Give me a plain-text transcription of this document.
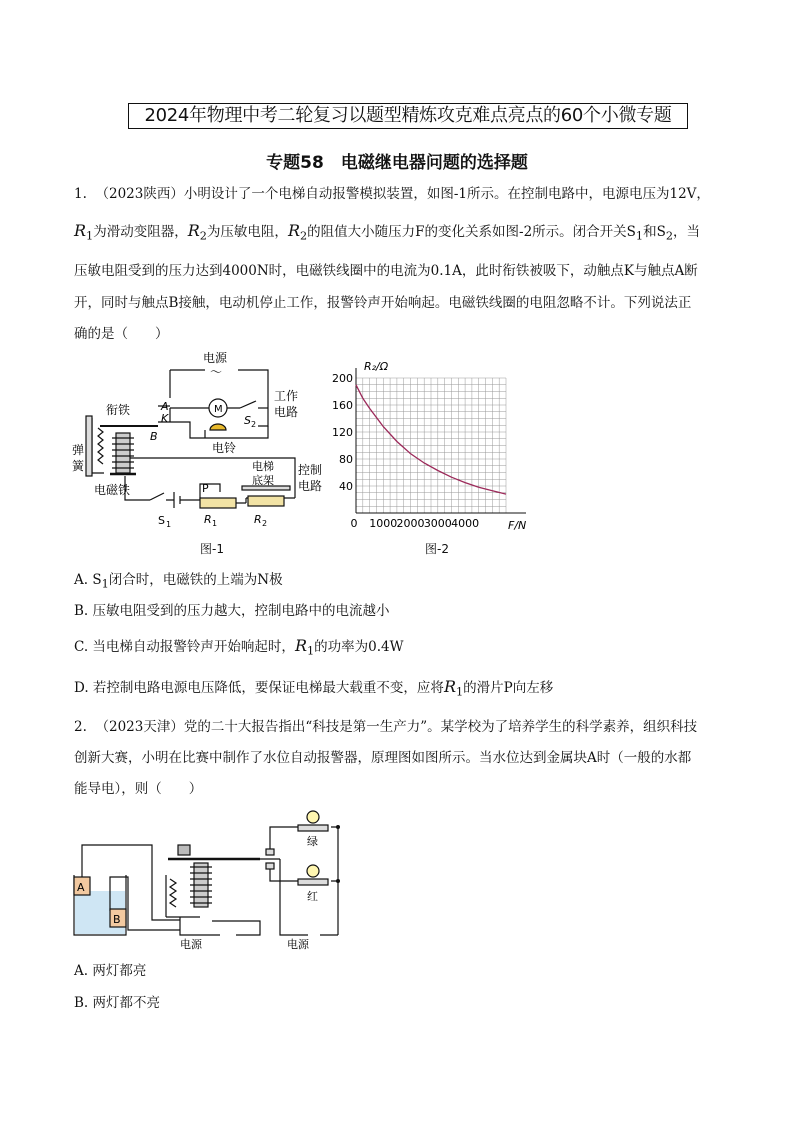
2024年物理中考二轮复习以题型精炼攻克难点亮点的60个小微专题
专题58　电磁继电器问题的选择题
1. （2023陕西）小明设计了一个电梯自动报警模拟装置，如图-1所示。在控制电路中，电源电压为12V，
$R_1$为滑动变阻器，$R_2$为压敏电阻，$R_2$的阻值大小随压力F的变化关系如图-2所示。闭合开关$S_1$和$S_2$，当
压敏电阻受到的压力达到4000N时，电磁铁线圈中的电流为0.1A，此时衔铁被吸下，动触点K与触点A断
开，同时与触点B接触，电动机停止工作，报警铃声开始响起。电磁铁线圈的电阻忽略不计。下列说法正
确的是（　　）
电源
～
M
工作
电路
S 2
衔铁	A
K
B
电铃
弹
簧
电磁铁
电梯
底架
控制
电路
P
S 1	R 1	R 2
图-1
1000 2000 3000 4000
40
80
120
160
200
0
R₂/Ω
F/N
图-2
A. $S_1$闭合时，电磁铁的上端为N极
B. 压敏电阻受到的压力越大，控制电路中的电流越小
C. 当电梯自动报警铃声开始响起时，$R_1$的功率为0.4W
D. 若控制电路电源电压降低，要保证电梯最大载重不变，应将$R_1$的滑片P向左移
2. （2023天津）党的二十大报告指出“科技是第一生产力”。某学校为了培养学生的科学素养，组织科技
创新大赛，小明在比赛中制作了水位自动报警器，原理图如图所示。当水位达到金属块A时（一般的水都
能导电），则（　　）
A
B
绿
红
电源	电源
A. 两灯都亮
B. 两灯都不亮
